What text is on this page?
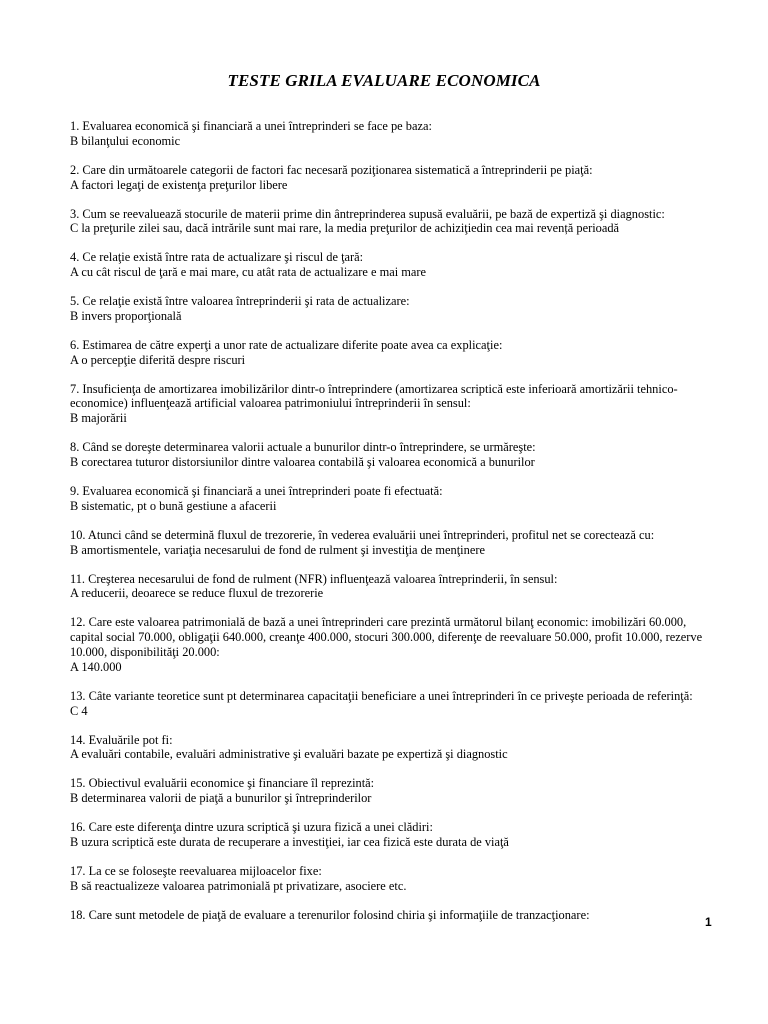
TESTE GRILA EVALUARE ECONOMICA
1. Evaluarea economică şi financiară a unei întreprinderi se face pe baza:
B bilanţului economic
2. Care din următoarele categorii de factori fac necesară poziţionarea sistematică a întreprinderii pe piaţă:
A factori legaţi de existenţa preţurilor libere
3. Cum se reevaluează stocurile de materii prime din ântreprinderea supusă evaluării, pe bază de expertiză şi diagnostic:
C la preţurile zilei sau, dacă intrările sunt mai rare, la media preţurilor de achiziţiedin cea mai revență perioadă
4. Ce relaţie există între rata de actualizare şi riscul de ţară:
A cu cât riscul de ţară e mai mare, cu atât rata de actualizare e mai mare
5. Ce relaţie există între valoarea întreprinderii şi rata de actualizare:
B invers proporţională
6. Estimarea de către experţi a unor rate de actualizare diferite poate avea ca explicaţie:
A o percepţie diferită despre riscuri
7. Insuficienţa de amortizarea imobilizărilor dintr-o întreprindere (amortizarea scriptică este inferioară amortizării tehnico-economice) influenţează artificial valoarea patrimoniului întreprinderii în sensul:
B majorării
8. Când se doreşte determinarea valorii actuale a bunurilor dintr-o întreprindere, se urmăreşte:
B corectarea tuturor distorsiunilor dintre valoarea contabilă şi valoarea economică a bunurilor
9. Evaluarea economică şi financiară a unei întreprinderi poate fi efectuată:
B sistematic, pt o bună gestiune a afacerii
10. Atunci când se determină fluxul de trezorerie, în vederea evaluării unei întreprinderi, profitul net se corectează cu:
B amortismentele, variaţia necesarului de fond de rulment şi investiţia de menţinere
11. Creşterea necesarului de fond de rulment (NFR) influenţează valoarea întreprinderii, în sensul:
A reducerii, deoarece se reduce fluxul de trezorerie
12. Care este valoarea patrimonială de bază a unei întreprinderi care prezintă următorul bilanţ economic: imobilizări 60.000, capital social 70.000, obligaţii 640.000, creanţe 400.000, stocuri 300.000, diferenţe de reevaluare 50.000, profit 10.000, rezerve 10.000, disponibilităţi 20.000:
A 140.000
13. Câte variante teoretice sunt pt determinarea capacitaţii beneficiare a unei întreprinderi în ce priveşte perioada de referinţă:
C 4
14. Evaluările pot fi:
A evaluări contabile, evaluări administrative şi evaluări bazate pe expertiză şi diagnostic
15. Obiectivul evaluării economice şi financiare îl reprezintă:
B determinarea valorii de piaţă a bunurilor şi întreprinderilor
16. Care este diferenţa dintre uzura scriptică şi uzura fizică a unei clădiri:
B uzura scriptică este durata de recuperare a investiţiei, iar cea fizică este durata de viaţă
17. La ce se foloseşte reevaluarea mijloacelor fixe:
B să reactualizeze valoarea patrimonială pt privatizare, asociere etc.
18. Care sunt metodele de piaţă de evaluare a terenurilor folosind chiria şi informaţiile de tranzacţionare:
1
